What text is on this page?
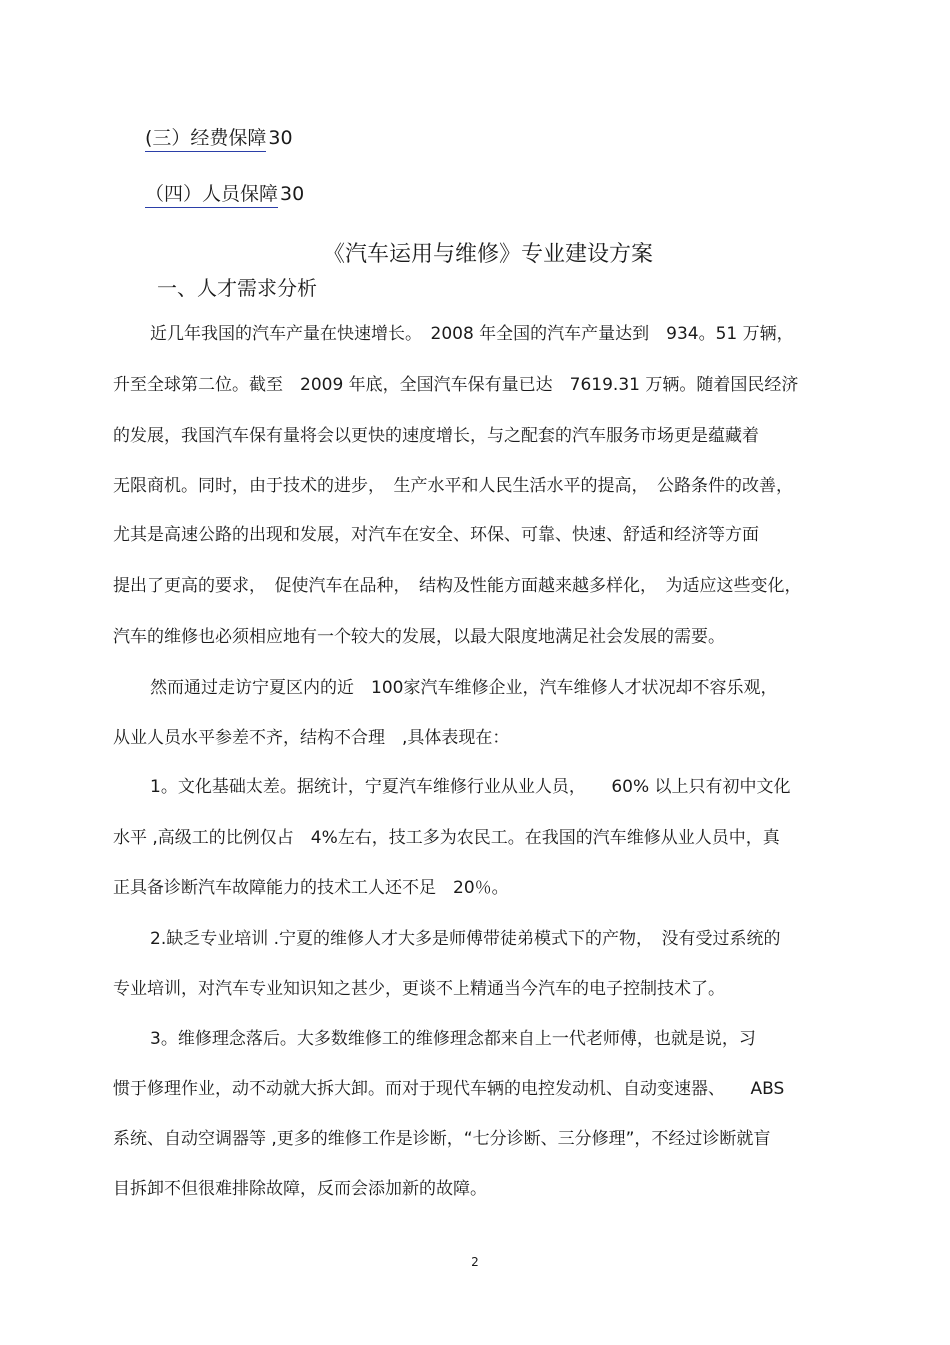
(三）经费保障 30
（四）人员保障 30
《汽车运用与维修》专业建设方案
一、人才需求分析
近几年我国的汽车产量在快速增长。　2008 年全国的汽车产量达到　934。51 万辆，
升至全球第二位。截至　2009 年底，全国汽车保有量已达　7619.31 万辆。随着国民经济
的发展，我国汽车保有量将会以更快的速度增长，与之配套的汽车服务市场更是蕴藏着
无限商机。同时，由于技术的进步，　生产水平和人民生活水平的提高，　公路条件的改善，
尤其是高速公路的出现和发展，对汽车在安全、环保、可靠、快速、舒适和经济等方面
提出了更高的要求，　促使汽车在品种，　结构及性能方面越来越多样化，　为适应这些变化，
汽车的维修也必须相应地有一个较大的发展，以最大限度地满足社会发展的需要。
然而通过走访宁夏区内的近　100家汽车维修企业，汽车维修人才状况却不容乐观，
从业人员水平参差不齐，结构不合理　,具体表现在：
1。文化基础太差。据统计，宁夏汽车维修行业从业人员，　　60% 以上只有初中文化
水平 ,高级工的比例仅占　4%左右，技工多为农民工。在我国的汽车维修从业人员中，真
正具备诊断汽车故障能力的技术工人还不足　20％。
2.缺乏专业培训 .宁夏的维修人才大多是师傅带徒弟模式下的产物，　没有受过系统的
专业培训，对汽车专业知识知之甚少，更谈不上精通当今汽车的电子控制技术了。
3。维修理念落后。大多数维修工的维修理念都来自上一代老师傅，也就是说，习
惯于修理作业，动不动就大拆大卸。而对于现代车辆的电控发动机、自动变速器、　　ABS
系统、自动空调器等 ,更多的维修工作是诊断，“七分诊断、三分修理”，不经过诊断就盲
目拆卸不但很难排除故障，反而会添加新的故障。
2
